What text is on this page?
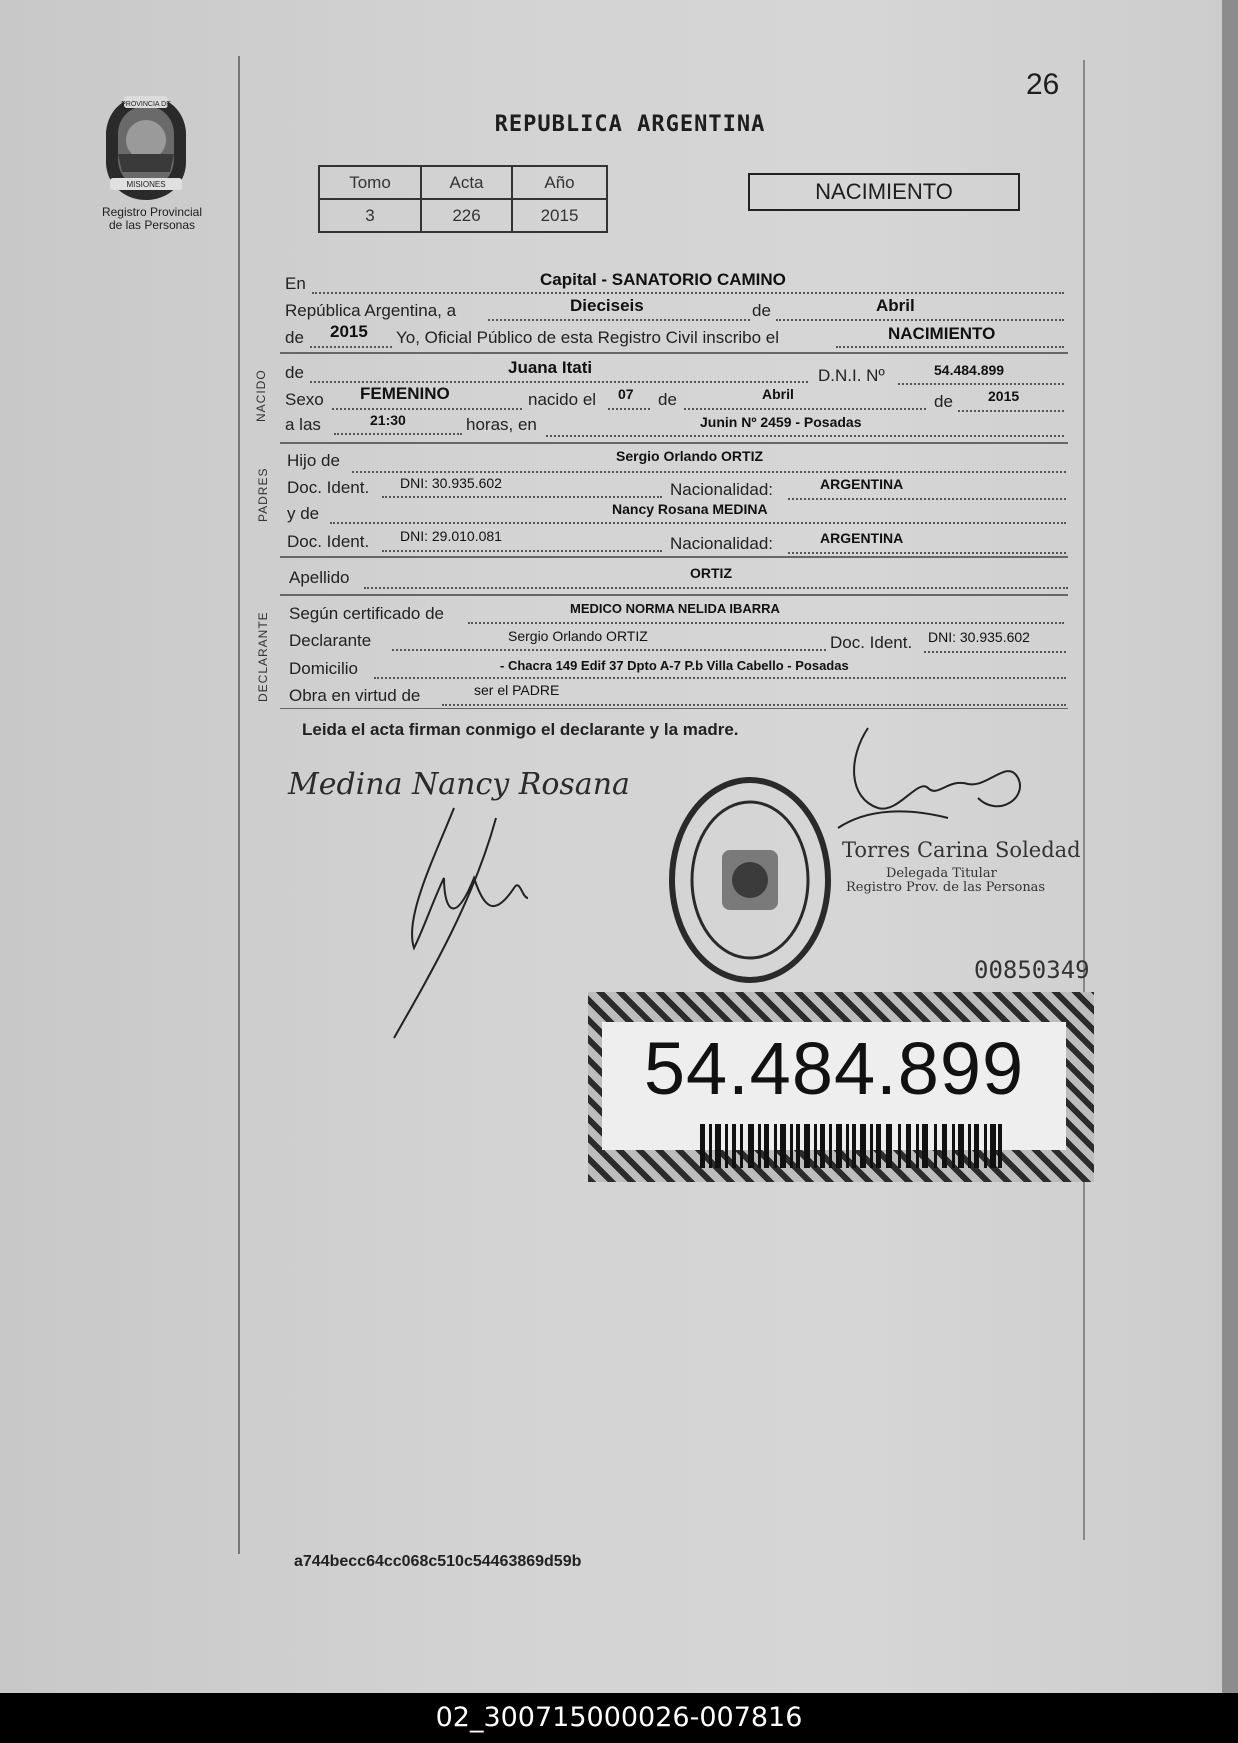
26
PROVINCIA DE
MISIONES
Registro Provincial
de las Personas
REPUBLICA ARGENTINA
Tomo	Acta	Año
3	226	2015
NACIMIENTO
En	Capital - SANATORIO CAMINO
República Argentina, a	Dieciseis	de	Abril
de 2015 Yo, Oficial Público de esta Registro Civil inscribo el	NACIMIENTO
NACIDO de	Juana Itati	D.N.I. Nº	54.484.899
Sexo FEMENINO	nacido el 07 de	Abril	de	2015
a las	21:30	horas, en	Junin Nº 2459 - Posadas
PADRES
Hijo de	Sergio Orlando ORTIZ
Doc. Ident. DNI: 30.935.602	Nacionalidad:	ARGENTINA
y de	Nancy Rosana MEDINA
Doc. Ident. DNI: 29.010.081	Nacionalidad:	ARGENTINA
Apellido	ORTIZ
DECLARANTE Según certificado de	MEDICO NORMA NELIDA IBARRA
Declarante	Sergio Orlando ORTIZ	Doc. Ident. DNI: 30.935.602
Domicilio	- Chacra 149 Edif 37 Dpto A-7 P.b Villa Cabello - Posadas
Obra en virtud de	ser el PADRE
Leida el acta firman conmigo el declarante y la madre.
Medina Nancy Rosana
Torres Carina Soledad
Delegada Titular
Registro Prov. de las Personas
00850349
54.484.899
a744becc64cc068c510c54463869d59b
02_300715000026-007816
